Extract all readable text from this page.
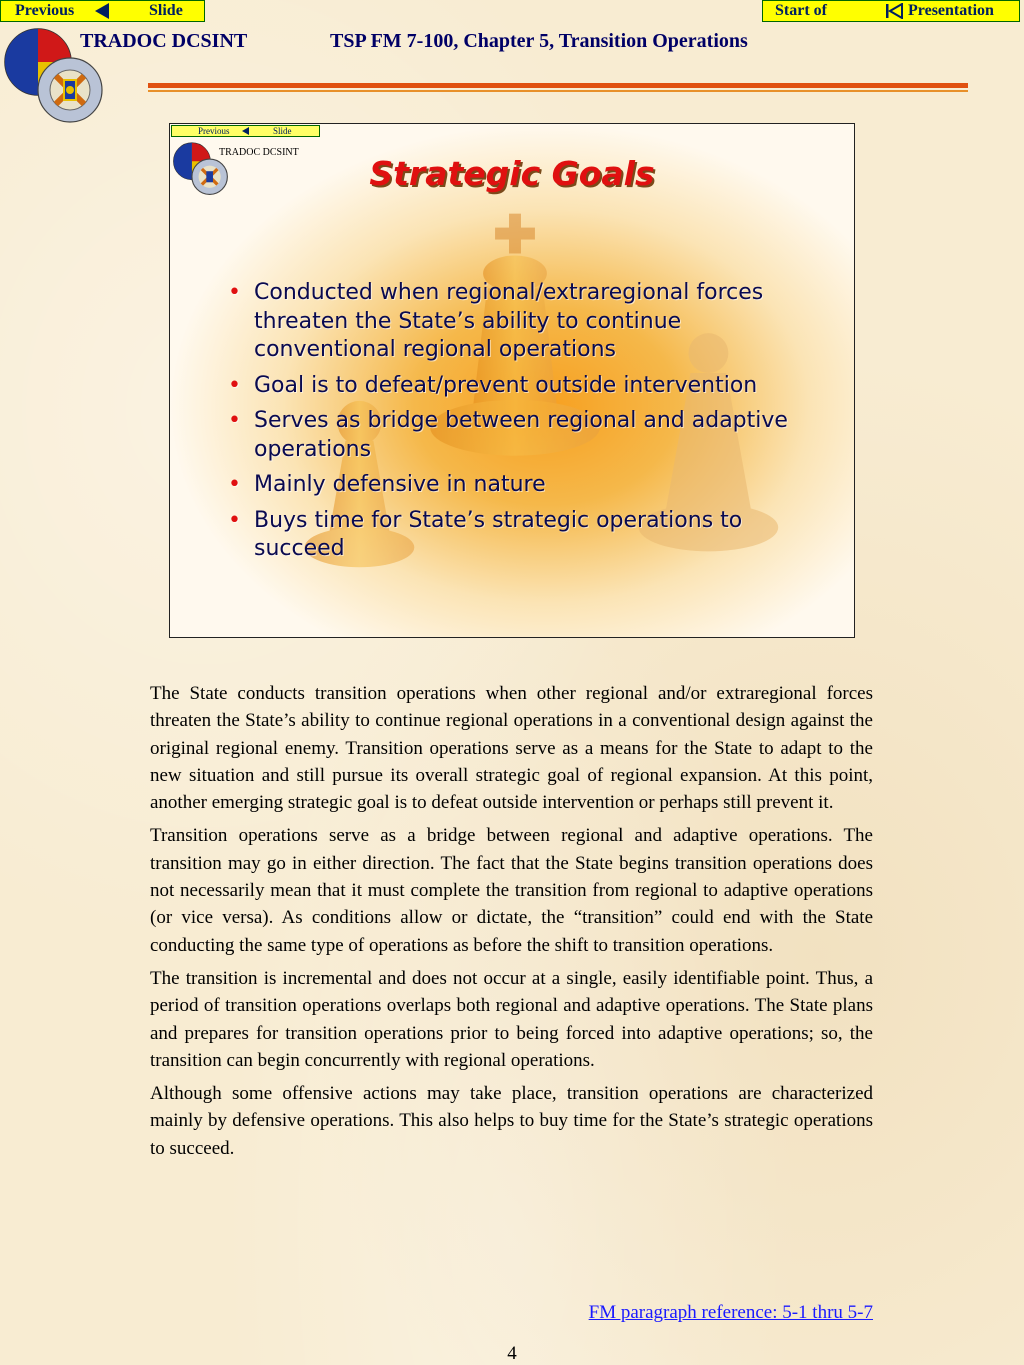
Previous	Slide	Start of	Presentation
TRADOC DCSINT	TSP FM 7-100, Chapter 5, Transition Operations
Previous	Slide
TRADOC DCSINT
Strategic Goals
• Conducted when regional/extraregional forces threaten the State’s ability to continue conventional regional operations
• Goal is to defeat/prevent outside intervention
• Serves as bridge between regional and adaptive operations
• Mainly defensive in nature
• Buys time for State’s strategic operations to succeed

The State conducts transition operations when other regional and/or extraregional forces threaten the State’s ability to continue regional operations in a conventional design against the original regional enemy. Transition operations serve as a means for the State to adapt to the new situation and still pursue its overall strategic goal of regional expansion. At this point, another emerging strategic goal is to defeat outside intervention or perhaps still prevent it.

Transition operations serve as a bridge between regional and adaptive operations. The transition may go in either direction. The fact that the State begins transition operations does not necessarily mean that it must complete the transition from regional to adaptive operations (or vice versa). As conditions allow or dictate, the “transition” could end with the State conducting the same type of operations as before the shift to transition operations.

The transition is incremental and does not occur at a single, easily identifiable point. Thus, a period of transition operations overlaps both regional and adaptive operations. The State plans and prepares for transition operations prior to being forced into adaptive operations; so, the transition can begin concurrently with regional operations.

Although some offensive actions may take place, transition operations are characterized mainly by defensive operations. This also helps to buy time for the State’s strategic operations to succeed.

FM paragraph reference: 5-1 thru 5-7
4
